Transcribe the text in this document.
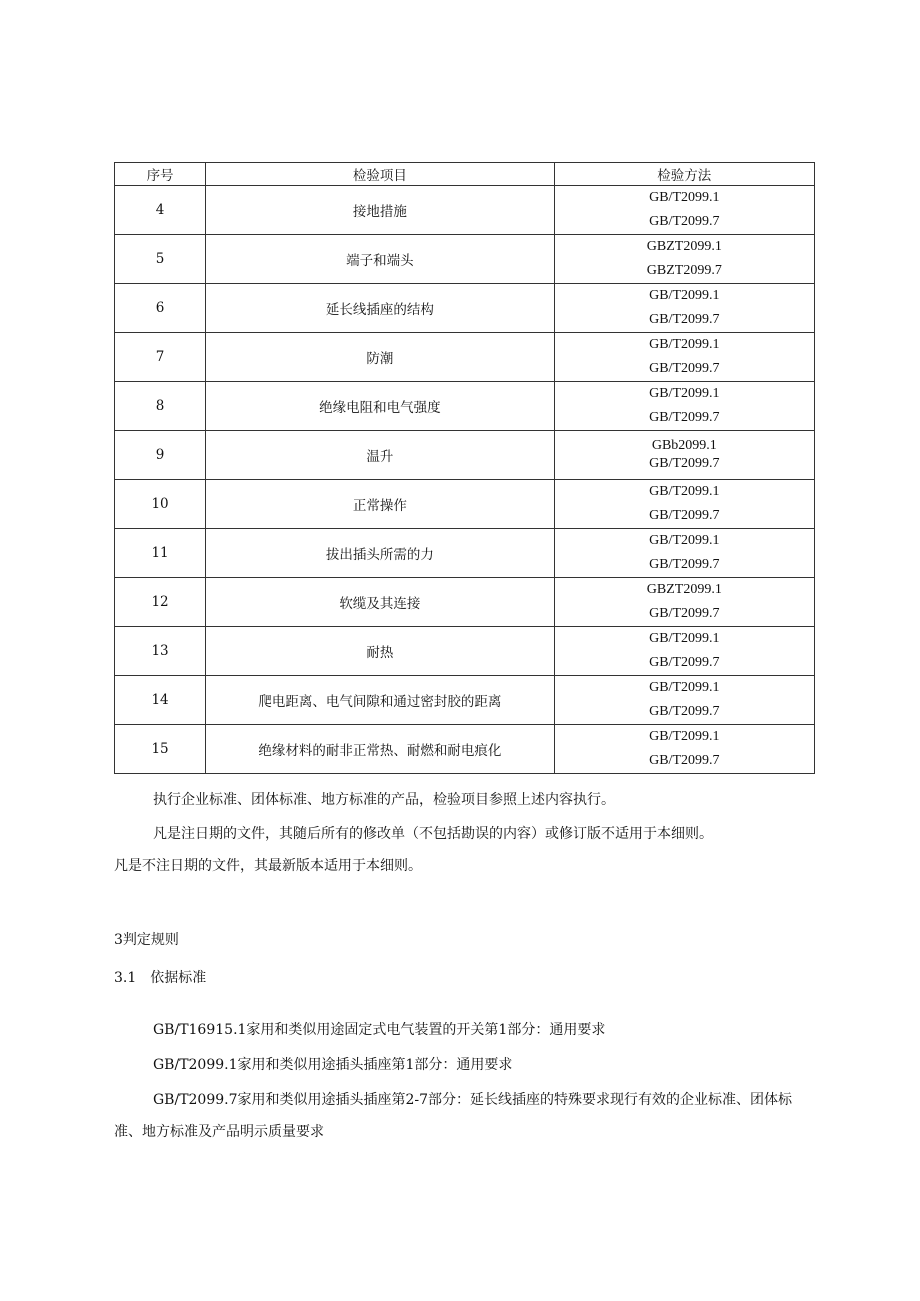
序号	检验项目	检验方法
4	接地措施	GB/T2099.1
GB/T2099.7

5	端子和端头	GBZT2099.1
GBZT2099.7

6	延长线插座的结构	GB/T2099.1
GB/T2099.7

7	防潮	GB/T2099.1
GB/T2099.7

8	绝缘电阻和电气强度	GB/T2099.1
GB/T2099.7

9	温升	GBb2099.1
GB/T2099.7

10	正常操作	GB/T2099.1
GB/T2099.7

11	拔出插头所需的力	GB/T2099.1
GB/T2099.7

12	软缆及其连接	GBZT2099.1
GB/T2099.7

13	耐热	GB/T2099.1
GB/T2099.7

14	爬电距离、电气间隙和通过密封胶的距离	GB/T2099.1
GB/T2099.7

15	绝缘材料的耐非正常热、耐燃和耐电痕化	GB/T2099.1
GB/T2099.7
执行企业标准、团体标准、地方标准的产品，检验项目参照上述内容执行。
凡是注日期的文件，其随后所有的修改单（不包括勘误的内容）或修订版不适用于本细则。
凡是不注日期的文件，其最新版本适用于本细则。
3判定规则
3.1　依据标准
GB/T16915.1家用和类似用途固定式电气装置的开关第1部分：通用要求
GB/T2099.1家用和类似用途插头插座第1部分：通用要求
GB/T2099.7家用和类似用途插头插座第2-7部分：延长线插座的特殊要求现行有效的企业标准、团体标准、地方标准及产品明示质量要求
